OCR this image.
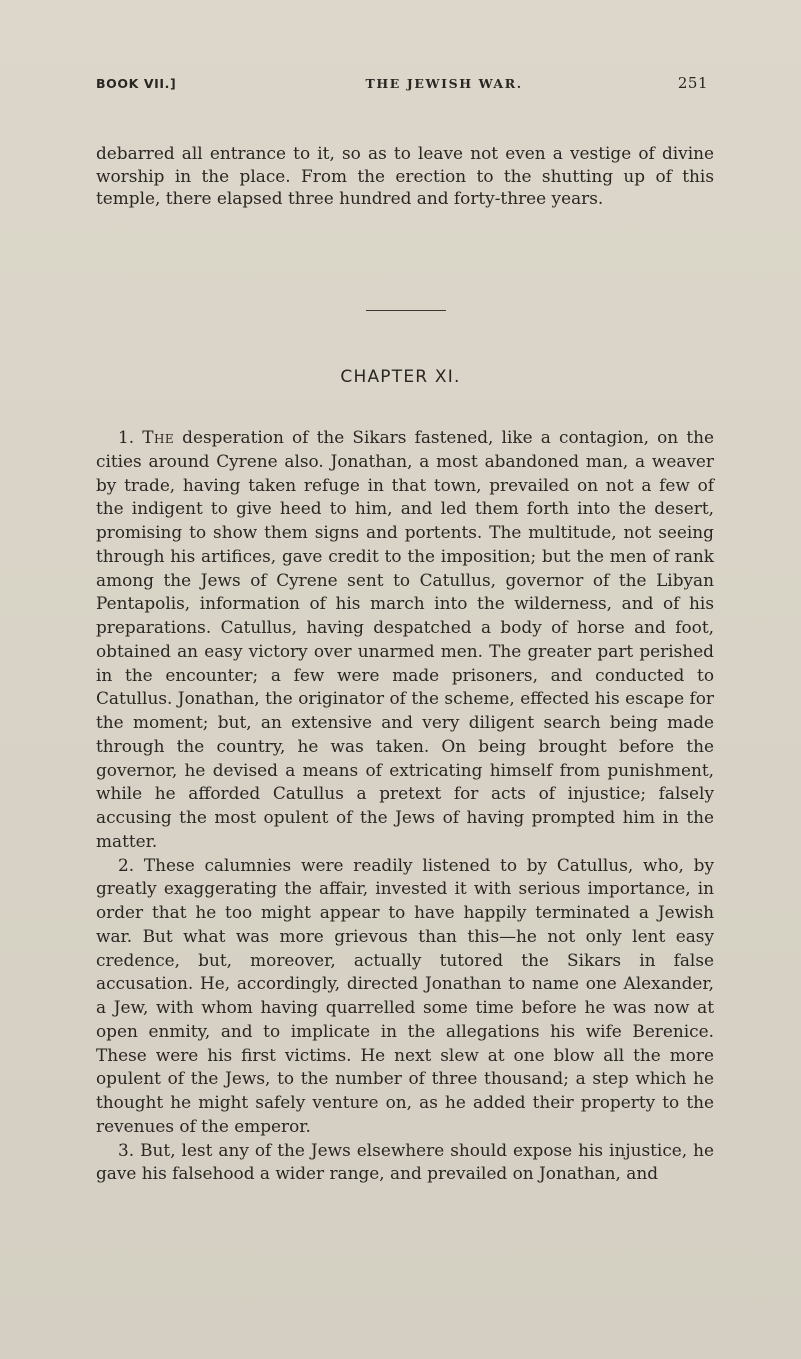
BOOK VII.]	THE JEWISH WAR.	251

debarred all entrance to it, so as to leave not even a vestige of divine worship in the place. From the erection to the shutting up of this temple, there elapsed three hundred and forty-three years.

CHAPTER XI.

1. The desperation of the Sikars fastened, like a contagion, on the cities around Cyrene also. Jonathan, a most abandoned man, a weaver by trade, having taken refuge in that town, prevailed on not a few of the indigent to give heed to him, and led them forth into the desert, promising to show them signs and portents. The multitude, not seeing through his artifices, gave credit to the imposition; but the men of rank among the Jews of Cyrene sent to Catullus, governor of the Libyan Pentapolis, information of his march into the wilderness, and of his preparations. Catullus, having despatched a body of horse and foot, obtained an easy victory over unarmed men. The greater part perished in the encounter; a few were made prisoners, and conducted to Catullus. Jonathan, the originator of the scheme, effected his escape for the moment; but, an extensive and very diligent search being made through the country, he was taken. On being brought before the governor, he devised a means of extricating himself from punishment, while he afforded Catullus a pretext for acts of injustice; falsely accusing the most opulent of the Jews of having prompted him in the matter.

2. These calumnies were readily listened to by Catullus, who, by greatly exaggerating the affair, invested it with serious importance, in order that he too might appear to have happily terminated a Jewish war. But what was more grievous than this—he not only lent easy credence, but, moreover, actually tutored the Sikars in false accusation. He, accordingly, directed Jonathan to name one Alexander, a Jew, with whom having quarrelled some time before he was now at open enmity, and to implicate in the allegations his wife Berenice. These were his first victims. He next slew at one blow all the more opulent of the Jews, to the number of three thousand; a step which he thought he might safely venture on, as he added their property to the revenues of the emperor.

3. But, lest any of the Jews elsewhere should expose his injustice, he gave his falsehood a wider range, and prevailed on Jonathan, and
